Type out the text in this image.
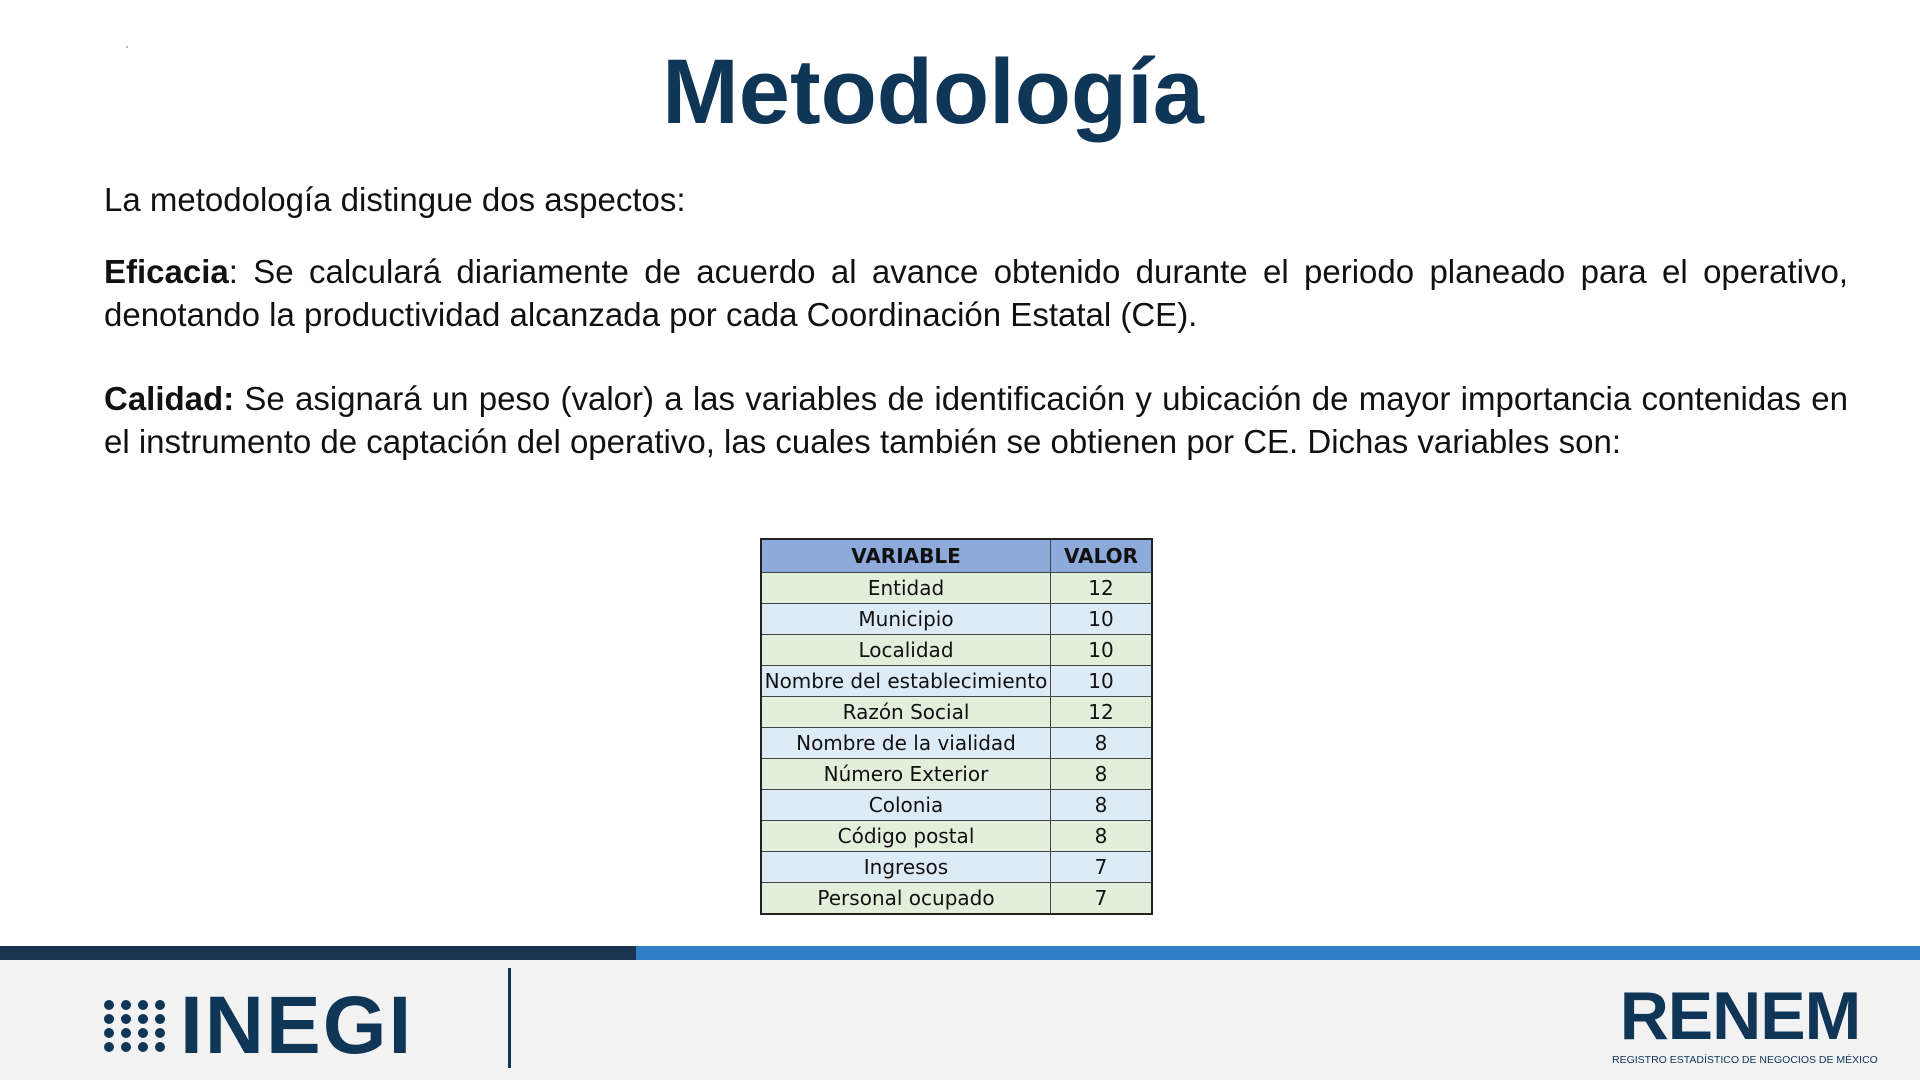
Metodología

La metodología distingue dos aspectos:

Eficacia: Se calculará diariamente de acuerdo al avance obtenido durante el periodo planeado para el operativo, denotando la productividad alcanzada por cada Coordinación Estatal (CE).

Calidad: Se asignará un peso (valor) a las variables de identificación y ubicación de mayor importancia contenidas en el instrumento de captación del operativo, las cuales también se obtienen por CE. Dichas variables son:

VARIABLE	VALOR
Entidad	12
Municipio	10
Localidad	10
Nombre del establecimiento	10
Razón Social	12
Nombre de la vialidad	8
Número Exterior	8
Colonia	8
Código postal	8
Ingresos	7
Personal ocupado	7
INEGI	RENEM
REGISTRO ESTADÍSTICO DE NEGOCIOS DE MÉXICO
